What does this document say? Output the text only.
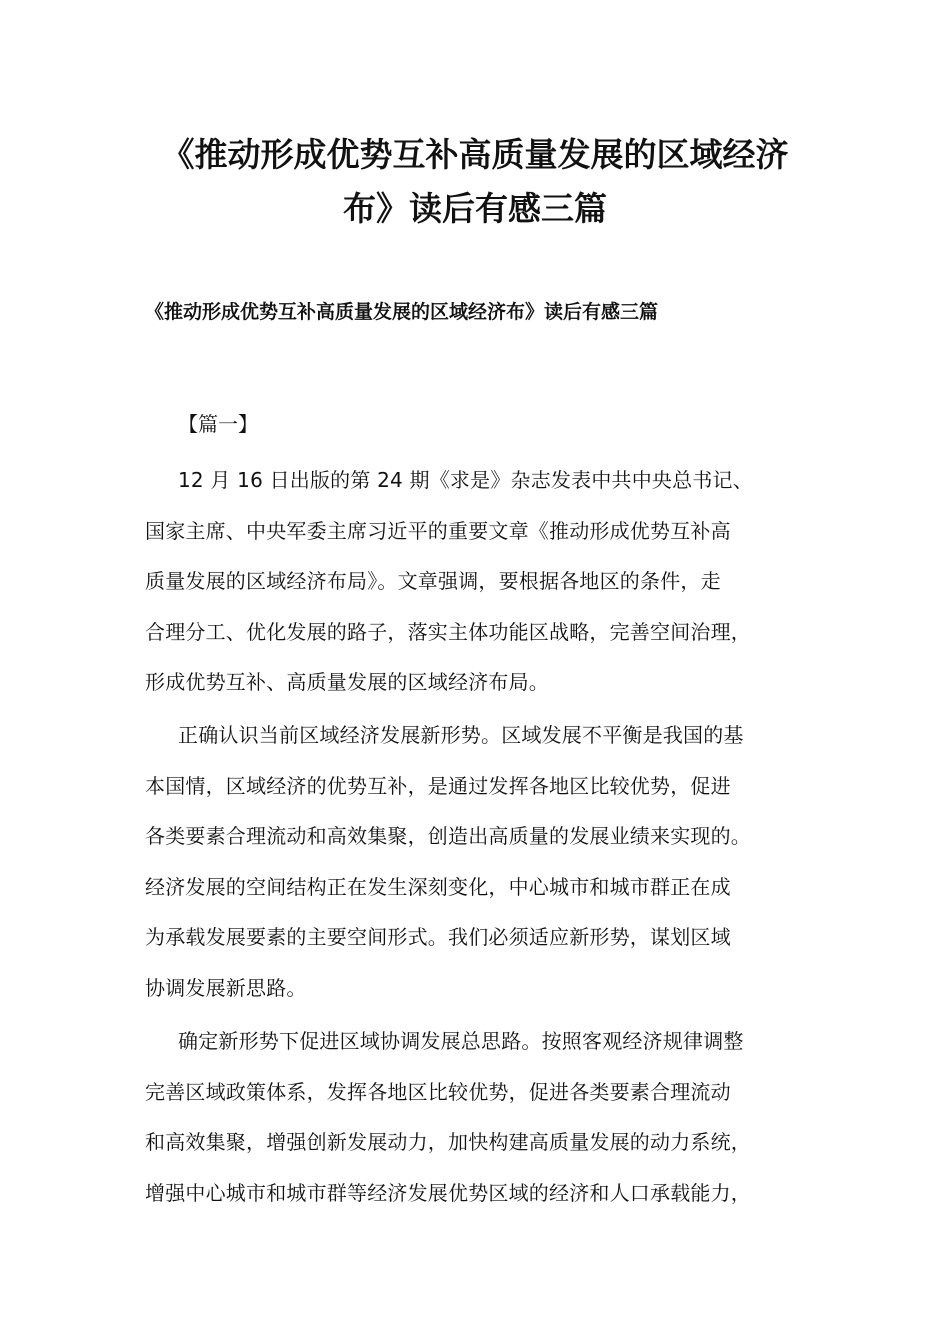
《推动形成优势互补高质量发展的区域经济
布》读后有感三篇
《推动形成优势互补高质量发展的区域经济布》读后有感三篇

【篇一】

12 月 16 日出版的第 24 期《求是》杂志发表中共中央总书记、
国家主席、中央军委主席习近平的重要文章《推动形成优势互补高
质量发展的区域经济布局》。文章强调，要根据各地区的条件，走
合理分工、优化发展的路子，落实主体功能区战略，完善空间治理，
形成优势互补、高质量发展的区域经济布局。

正确认识当前区域经济发展新形势。区域发展不平衡是我国的基
本国情，区域经济的优势互补，是通过发挥各地区比较优势，促进
各类要素合理流动和高效集聚，创造出高质量的发展业绩来实现的。
经济发展的空间结构正在发生深刻变化，中心城市和城市群正在成
为承载发展要素的主要空间形式。我们必须适应新形势，谋划区域
协调发展新思路。

确定新形势下促进区域协调发展总思路。按照客观经济规律调整
完善区域政策体系，发挥各地区比较优势，促进各类要素合理流动
和高效集聚，增强创新发展动力，加快构建高质量发展的动力系统，
增强中心城市和城市群等经济发展优势区域的经济和人口承载能力，
